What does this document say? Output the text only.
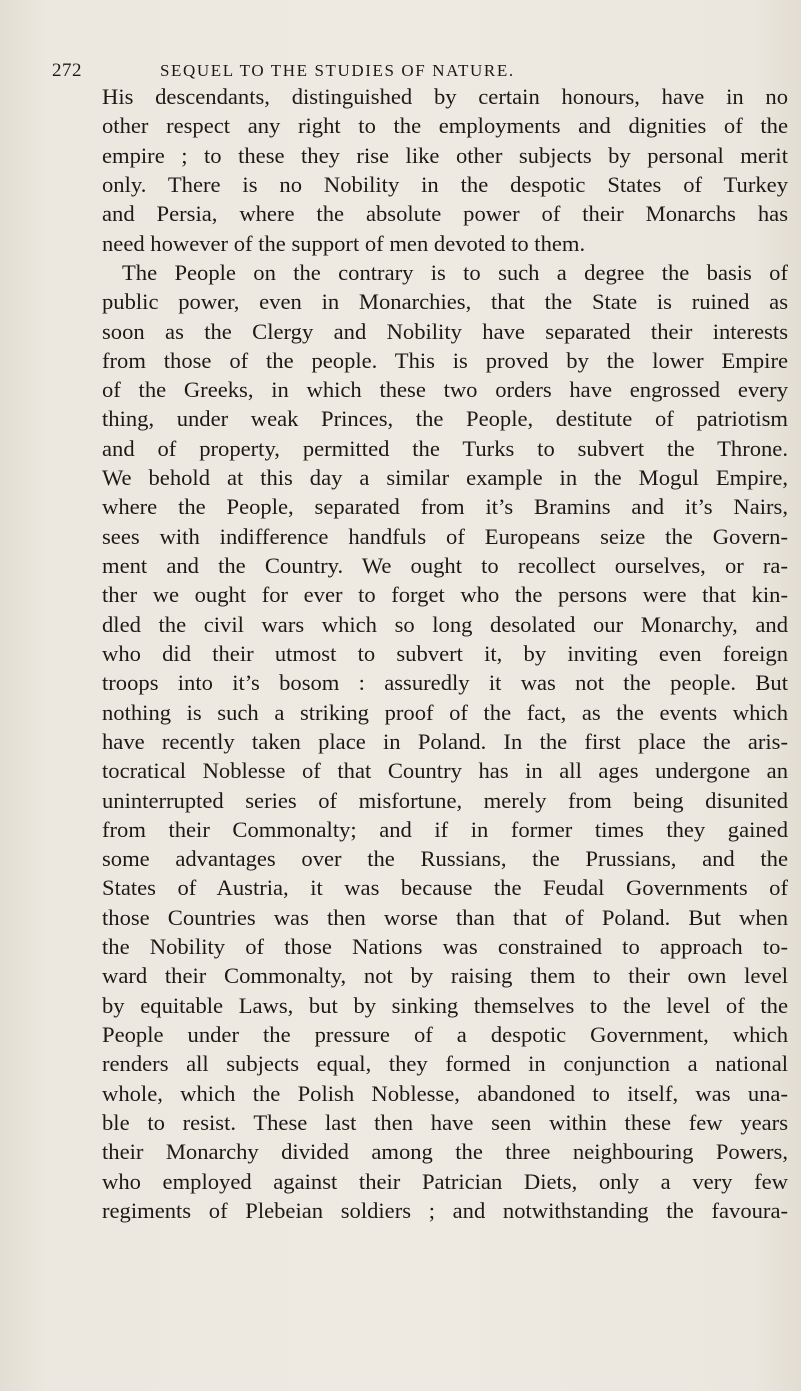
272	SEQUEL TO THE STUDIES OF NATURE.
His descendants, distinguished by certain honours, have in no
other respect any right to the employments and dignities of the
empire ; to these they rise like other subjects by personal merit
only. There is no Nobility in the despotic States of Turkey
and Persia, where the absolute power of their Monarchs has
need however of the support of men devoted to them.
The People on the contrary is to such a degree the basis of
public power, even in Monarchies, that the State is ruined as
soon as the Clergy and Nobility have separated their interests
from those of the people. This is proved by the lower Empire
of the Greeks, in which these two orders have engrossed every
thing, under weak Princes, the People, destitute of patriotism
and of property, permitted the Turks to subvert the Throne.
We behold at this day a similar example in the Mogul Empire,
where the People, separated from it’s Bramins and it’s Nairs,
sees with indifference handfuls of Europeans seize the Govern-
ment and the Country. We ought to recollect ourselves, or ra-
ther we ought for ever to forget who the persons were that kin-
dled the civil wars which so long desolated our Monarchy, and
who did their utmost to subvert it, by inviting even foreign
troops into it’s bosom : assuredly it was not the people. But
nothing is such a striking proof of the fact, as the events which
have recently taken place in Poland. In the first place the aris-
tocratical Noblesse of that Country has in all ages undergone an
uninterrupted series of misfortune, merely from being disunited
from their Commonalty; and if in former times they gained
some advantages over the Russians, the Prussians, and the
States of Austria, it was because the Feudal Governments of
those Countries was then worse than that of Poland. But when
the Nobility of those Nations was constrained to approach to-
ward their Commonalty, not by raising them to their own level
by equitable Laws, but by sinking themselves to the level of the
People under the pressure of a despotic Government, which
renders all subjects equal, they formed in conjunction a national
whole, which the Polish Noblesse, abandoned to itself, was una-
ble to resist. These last then have seen within these few years
their Monarchy divided among the three neighbouring Powers,
who employed against their Patrician Diets, only a very few
regiments of Plebeian soldiers ; and notwithstanding the favoura-
